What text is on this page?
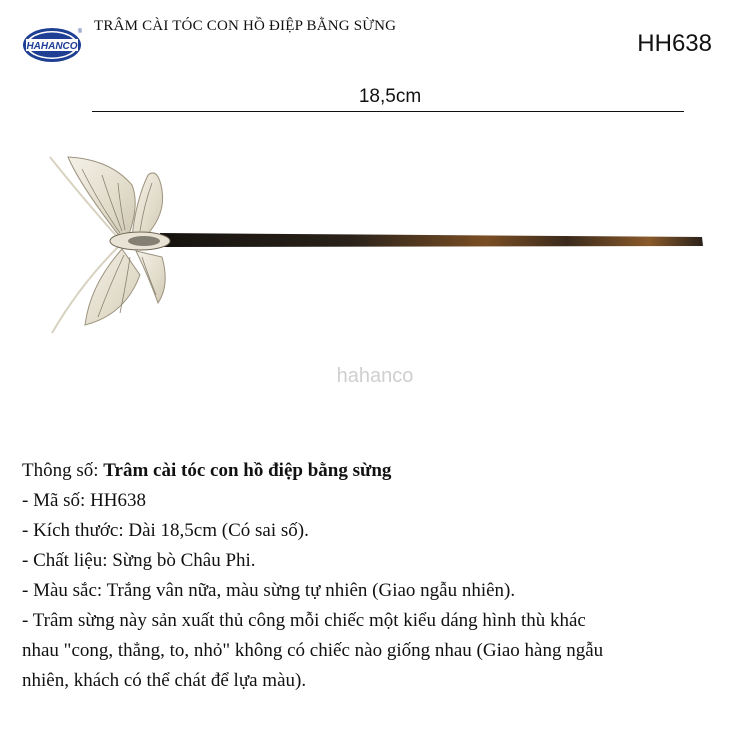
HAHANCO
® TRÂM CÀI TÓC CON HỒ ĐIỆP BẰNG SỪNG
HH638
18,5cm
hahanco

Thông số: Trâm cài tóc con hồ điệp bằng sừng

- Mã số: HH638

- Kích thước: Dài 18,5cm (Có sai số).

- Chất liệu: Sừng bò Châu Phi.

- Màu sắc: Trắng vân nữa, màu sừng tự nhiên (Giao ngẫu nhiên).

- Trâm sừng này sản xuất thủ công mỗi chiếc một kiểu dáng hình thù khác

nhau "cong, thẳng, to, nhỏ" không có chiếc nào giống nhau (Giao hàng ngẫu

nhiên, khách có thể chát để lựa màu).
